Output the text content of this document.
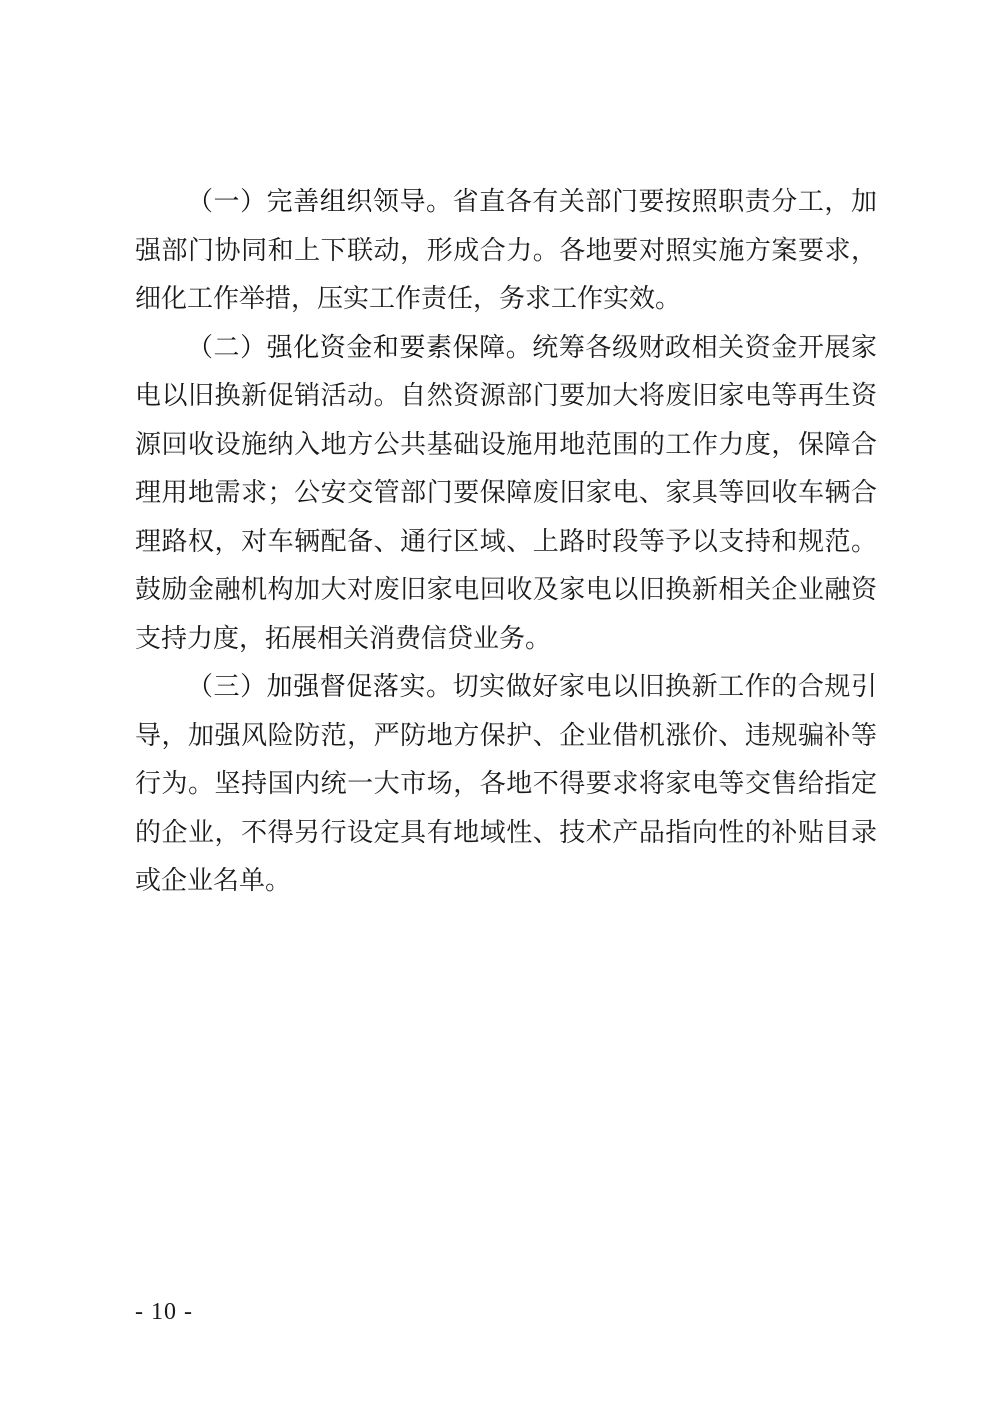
（一）完善组织领导。省直各有关部门要按照职责分工，加强部门协同和上下联动，形成合力。各地要对照实施方案要求，细化工作举措，压实工作责任，务求工作实效。

（二）强化资金和要素保障。统筹各级财政相关资金开展家电以旧换新促销活动。自然资源部门要加大将废旧家电等再生资源回收设施纳入地方公共基础设施用地范围的工作力度，保障合理用地需求；公安交管部门要保障废旧家电、家具等回收车辆合理路权，对车辆配备、通行区域、上路时段等予以支持和规范。鼓励金融机构加大对废旧家电回收及家电以旧换新相关企业融资支持力度，拓展相关消费信贷业务。

（三）加强督促落实。切实做好家电以旧换新工作的合规引导，加强风险防范，严防地方保护、企业借机涨价、违规骗补等行为。坚持国内统一大市场，各地不得要求将家电等交售给指定的企业，不得另行设定具有地域性、技术产品指向性的补贴目录或企业名单。

- 10 -
